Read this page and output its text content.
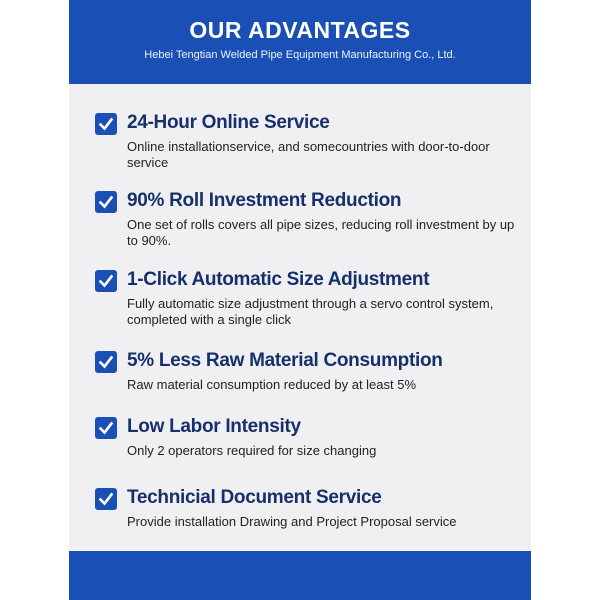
OUR ADVANTAGES
Hebei Tengtian Welded Pipe Equipment Manufacturing Co., Ltd.
24-Hour Online Service
Online installationservice, and somecountries with door-to-door service
90% Roll Investment Reduction
One set of rolls covers all pipe sizes, reducing roll investment by up to 90%.
1-Click Automatic Size Adjustment
Fully automatic size adjustment through a servo control system, completed with a single click
5% Less Raw Material Consumption
Raw material consumption reduced by at least 5%
Low Labor Intensity
Only 2 operators required for size changing
Technicial Document Service
Provide installation Drawing and Project Proposal service
